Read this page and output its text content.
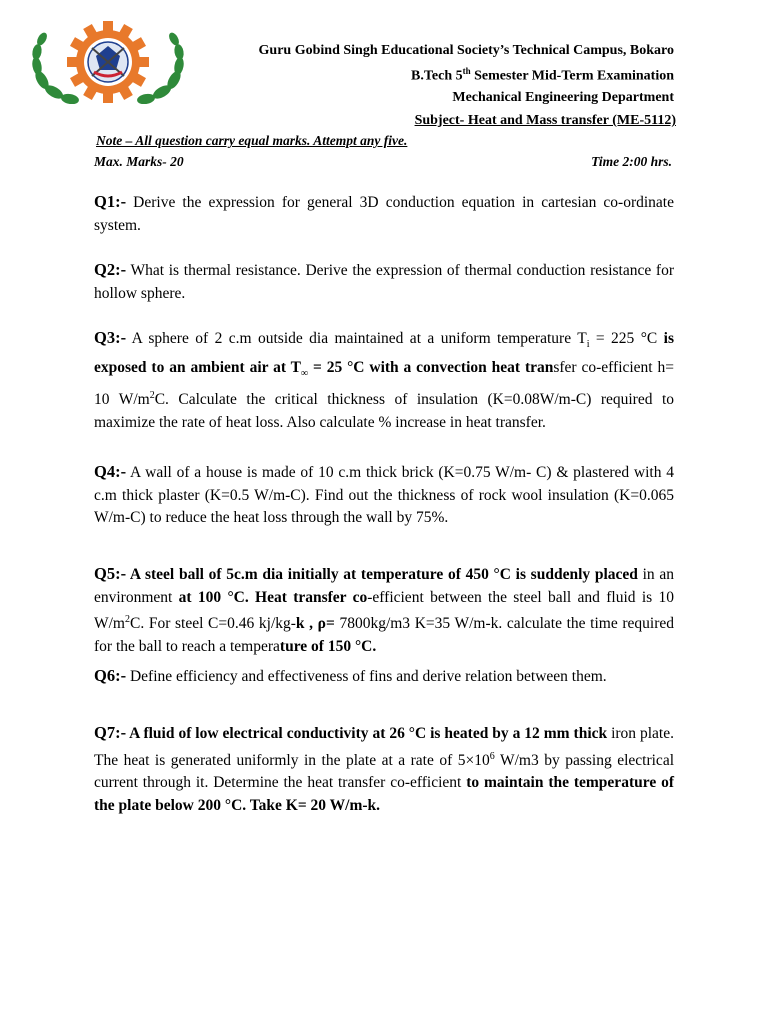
Guru Gobind Singh Educational Society’s Technical Campus, Bokaro
B.Tech 5th Semester Mid-Term Examination
Mechanical Engineering Department
Subject- Heat and Mass transfer (ME-5112)
Note – All question carry equal marks. Attempt any five.
Max. Marks- 20	Time 2:00 hrs.
Q1:- Derive the expression for general 3D conduction equation in cartesian co-ordinate system.
Q2:- What is thermal resistance. Derive the expression of thermal conduction resistance for hollow sphere.
Q3:- A sphere of 2 c.m outside dia maintained at a uniform temperature $T_i = 225$ °C is exposed to an ambient air at $T_\infty = 25$ °C with a convection heat transfer co-efficient h= 10 $W/m^2C$. Calculate the critical thickness of insulation (K=0.08W/m-C) required to maximize the rate of heat loss. Also calculate % increase in heat transfer.
Q4:- A wall of a house is made of 10 c.m thick brick (K=0.75 W/m- C) & plastered with 4 c.m thick plaster (K=0.5 W/m-C). Find out the thickness of rock wool insulation (K=0.065 W/m-C) to reduce the heat loss through the wall by 75%.
Q5:- A steel ball of 5c.m dia initially at temperature of 450 °C is suddenly placed in an environment at 100 °C. Heat transfer co-efficient between the steel ball and fluid is 10 $W/m^2C$. For steel C=0.46 kj/kg-k , ρ= 7800kg/m3 K=35 W/m-k. calculate the time required for the ball to reach a temperature of 150 °C.
Q6:- Define efficiency and effectiveness of fins and derive relation between them.
Q7:- A fluid of low electrical conductivity at 26 °C is heated by a 12 mm thick iron plate. The heat is generated uniformly in the plate at a rate of $5\times 10^6$ W/m3 by passing electrical current through it. Determine the heat transfer co-efficient to maintain the temperature of the plate below 200 °C. Take K= 20 W/m-k.
